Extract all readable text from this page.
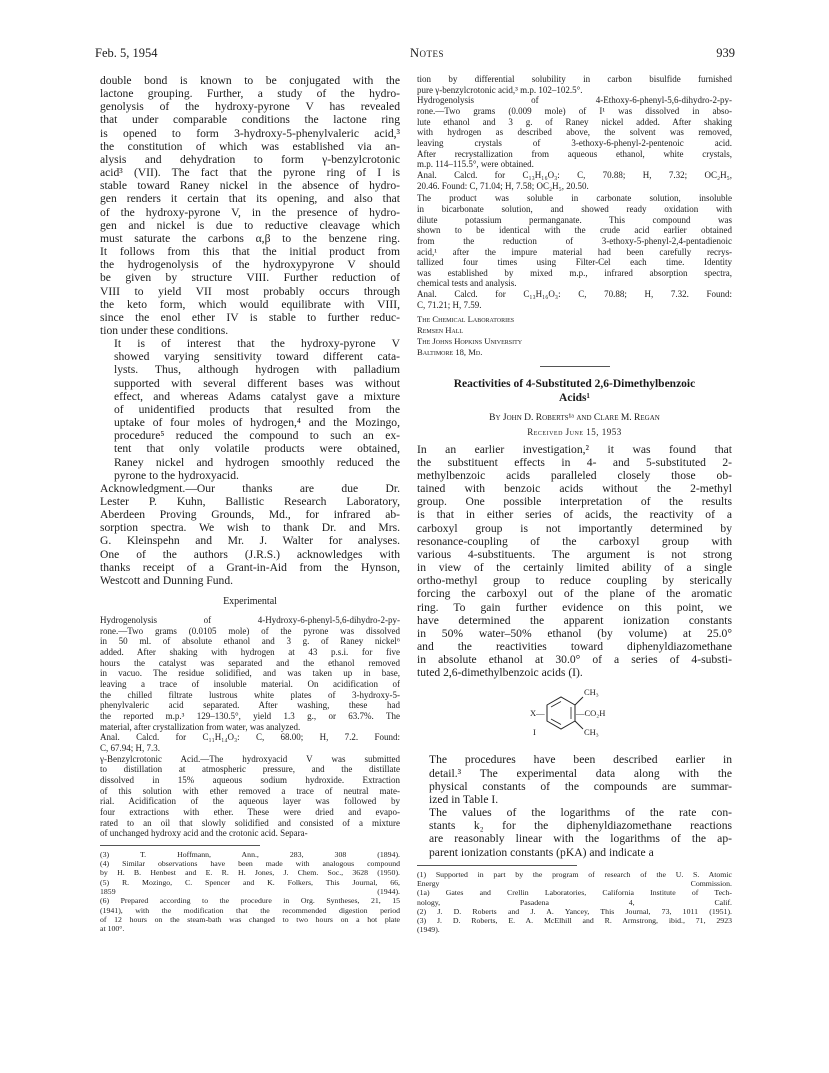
Feb. 5, 1954	Notes	939
double bond is known to be conjugated with the
lactone grouping. Further, a study of the hydro-
genolysis of the hydroxy-pyrone V has revealed
that under comparable conditions the lactone ring
is opened to form 3-hydroxy-5-phenylvaleric acid,³
the constitution of which was established via an-
alysis and dehydration to form γ-benzylcrotonic
acid³ (VII). The fact that the pyrone ring of I is
stable toward Raney nickel in the absence of hydro-
gen renders it certain that its opening, and also that
of the hydroxy-pyrone V, in the presence of hydro-
gen and nickel is due to reductive cleavage which
must saturate the carbons α,β to the benzene ring.
It follows from this that the initial product from
the hydrogenolysis of the hydroxypyrone V should
be given by structure VIII. Further reduction of
VIII to yield VII most probably occurs through
the keto form, which would equilibrate with VIII,
since the enol ether IV is stable to further reduc-
tion under these conditions.
It is of interest that the hydroxy-pyrone V
showed varying sensitivity toward different cata-
lysts. Thus, although hydrogen with palladium
supported with several different bases was without
effect, and whereas Adams catalyst gave a mixture
of unidentified products that resulted from the
uptake of four moles of hydrogen,⁴ and the Mozingo,
procedure⁵ reduced the compound to such an ex-
tent that only volatile products were obtained,
Raney nickel and hydrogen smoothly reduced the
pyrone to the hydroxyacid.
Acknowledgment.—Our thanks are due Dr.
Lester P. Kuhn, Ballistic Research Laboratory,
Aberdeen Proving Grounds, Md., for infrared ab-
sorption spectra. We wish to thank Dr. and Mrs.
G. Kleinspehn and Mr. J. Walter for analyses.
One of the authors (J.R.S.) acknowledges with
thanks receipt of a Grant-in-Aid from the Hynson,
Westcott and Dunning Fund.
Experimental
Hydrogenolysis of 4-Hydroxy-6-phenyl-5,6-dihydro-2-py-
rone.—Two grams (0.0105 mole) of the pyrone was dissolved
in 50 ml. of absolute ethanol and 3 g. of Raney nickel⁶
added. After shaking with hydrogen at 43 p.s.i. for five
hours the catalyst was separated and the ethanol removed
in vacuo. The residue solidified, and was taken up in base,
leaving a trace of insoluble material. On acidification of
the chilled filtrate lustrous white plates of 3-hydroxy-5-
phenylvaleric acid separated. After washing, these had
the reported m.p.³ 129–130.5°, yield 1.3 g., or 63.7%. The
material, after crystallization from water, was analyzed.
Anal. Calcd. for C₁₁H₁₄O₃: C, 68.00; H, 7.2. Found:
C, 67.94; H, 7.3.
γ-Benzylcrotonic Acid.—The hydroxyacid V was submitted
to distillation at atmospheric pressure, and the distillate
dissolved in 15% aqueous sodium hydroxide. Extraction
of this solution with ether removed a trace of neutral mate-
rial. Acidification of the aqueous layer was followed by
four extractions with ether. These were dried and evapo-
rated to an oil that slowly solidified and consisted of a mixture
of unchanged hydroxy acid and the crotonic acid. Separa-
(3) T. Hoffmann, Ann., 283, 308 (1894).
(4) Similar observations have been made with analogous compound
by H. B. Henbest and E. R. H. Jones, J. Chem. Soc., 3628 (1950).
(5) R. Mozingo, C. Spencer and K. Folkers, This Journal, 66,
1859 (1944).
(6) Prepared according to the procedure in Org. Syntheses, 21, 15
(1941), with the modification that the recommended digestion period
of 12 hours on the steam-bath was changed to two hours on a hot plate
at 100°.
tion by differential solubility in carbon bisulfide furnished
pure γ-benzylcrotonic acid,³ m.p. 102–102.5°.
Hydrogenolysis of 4-Ethoxy-6-phenyl-5,6-dihydro-2-py-
rone.—Two grams (0.009 mole) of I¹ was dissolved in abso-
lute ethanol and 3 g. of Raney nickel added. After shaking
with hydrogen as described above, the solvent was removed,
leaving crystals of 3-ethoxy-6-phenyl-2-pentenoic acid.
After recrystallization from aqueous ethanol, white crystals,
m.p. 114–115.5°, were obtained.
Anal. Calcd. for C₁₃H₁₆O₃: C, 70.88; H, 7.32; OC₂H₅,
20.46. Found: C, 71.04; H, 7.58; OC₂H₅, 20.50.
The product was soluble in carbonate solution, insoluble
in bicarbonate solution, and showed ready oxidation with
dilute potassium permanganate. This compound was
shown to be identical with the crude acid earlier obtained
from the reduction of 3-ethoxy-5-phenyl-2,4-pentadienoic
acid,¹ after the impure material had been carefully recrys-
tallized four times using Filter-Cel each time. Identity
was established by mixed m.p., infrared absorption spectra,
chemical tests and analysis.
Anal. Calcd. for C₁₃H₁₆O₃: C, 70.88; H, 7.32. Found:
C, 71.21; H, 7.59.
The Chemical Laboratories
Remsen Hall
The Johns Hopkins University
Baltimore 18, Md.
Reactivities of 4-Substituted 2,6-Dimethylbenzoic
Acids¹
By John D. Roberts¹ᵃ and Clare M. Regan
Received June 15, 1953
In an earlier investigation,² it was found that
the substituent effects in 4- and 5-substituted 2-
methylbenzoic acids paralleled closely those ob-
tained with benzoic acids without the 2-methyl
group. One possible interpretation of the results
is that in either series of acids, the reactivity of a
carboxyl group is not importantly determined by
resonance-coupling of the carboxyl group with
various 4-substituents. The argument is not strong
in view of the certainly limited ability of a single
ortho-methyl group to reduce coupling by sterically
forcing the carboxyl out of the plane of the aromatic
ring. To gain further evidence on this point, we
have determined the apparent ionization constants
in 50% water–50% ethanol (by volume) at 25.0°
and the reactivities toward diphenyldiazomethane
in absolute ethanol at 30.0° of a series of 4-substi-
tuted 2,6-dimethylbenzoic acids (I).
X—
CH₃
—CO₂H
I	CH₃
The procedures have been described earlier in
detail.³ The experimental data along with the
physical constants of the compounds are summar-
ized in Table I.
The values of the logarithms of the rate con-
stants k₂ for the diphenyldiazomethane reactions
are reasonably linear with the logarithms of the ap-
parent ionization constants (pKA) and indicate a
(1) Supported in part by the program of research of the U. S. Atomic
Energy Commission.
(1a) Gates and Crellin Laboratories, California Institute of Tech-
nology, Pasadena 4, Calif.
(2) J. D. Roberts and J. A. Yancey, This Journal, 73, 1011 (1951).
(3) J. D. Roberts, E. A. McElhill and R. Armstrong, ibid., 71, 2923
(1949).
